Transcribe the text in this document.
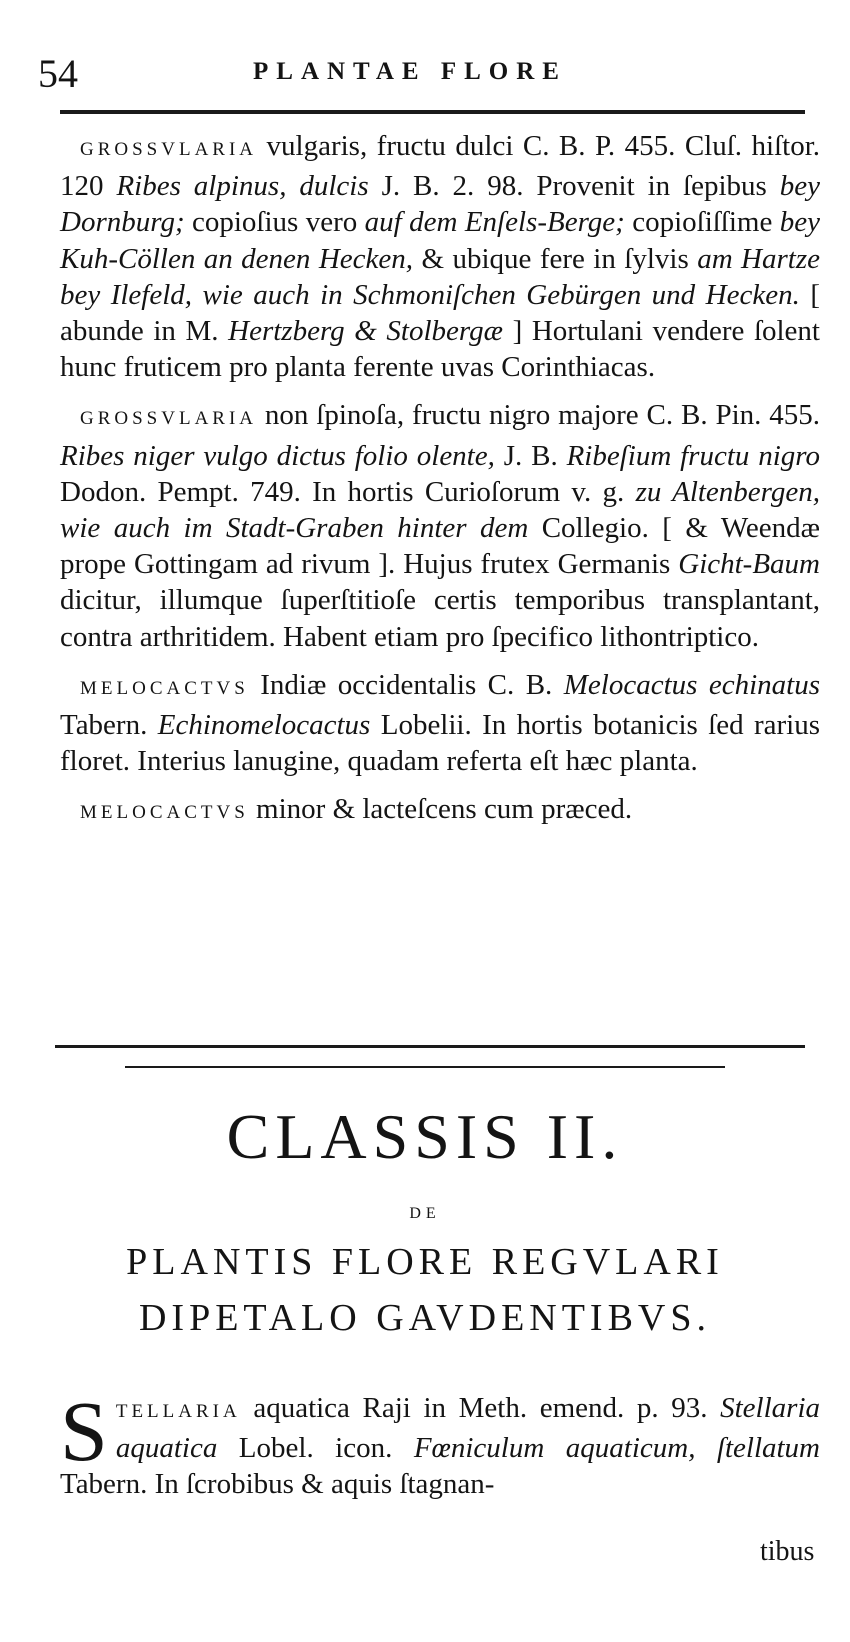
54	PLANTAE FLORE

GROSSVLARIA vulgaris, fructu dulci C. B. P. 455. Cluſ. hiſtor. 120 Ribes alpinus, dulcis J. B. 2. 98. Provenit in ſepibus bey Dornburg; copioſius vero auf dem Enſels-Berge; copioſiſſime bey Kuh-Cöllen an denen Hecken, & ubique fere in ſylvis am Hartze bey Ilefeld, wie auch in Schmoniſchen Gebürgen und Hecken. [ abunde in M. Hertzberg & Stolbergæ ] Hortulani vendere ſolent hunc fruticem pro planta ferente uvas Corinthiacas.

GROSSVLARIA non ſpinoſa, fructu nigro majore C. B. Pin. 455. Ribes niger vulgo dictus folio olente, J. B. Ribeſium fructu nigro Dodon. Pempt. 749. In hortis Curioſorum v. g. zu Altenbergen, wie auch im Stadt-Graben hinter dem Collegio. [ & Weendæ prope Gottingam ad rivum ]. Hujus frutex Germanis Gicht-Baum dicitur, illumque ſuperſtitioſe certis temporibus transplantant, contra arthritidem. Habent etiam pro ſpecifico lithontriptico.

MELOCACTVS Indiæ occidentalis C. B. Melocactus echinatus Tabern. Echinomelocactus Lobelii. In hortis botanicis ſed rarius floret. Interius lanugine, quadam referta eſt hæc planta.

MELOCACTVS minor & lacteſcens cum præced.

CLASSIS II.
DE
PLANTIS FLORE REGVLARI
DIPETALO GAVDENTIBVS.
S TELLARIA aquatica Raji in Meth. emend. p. 93. Stellaria aquatica Lobel. icon. Fœniculum aquaticum, ſtellatum Tabern. In ſcrobibus & aquis ſtagnan-
tibus
